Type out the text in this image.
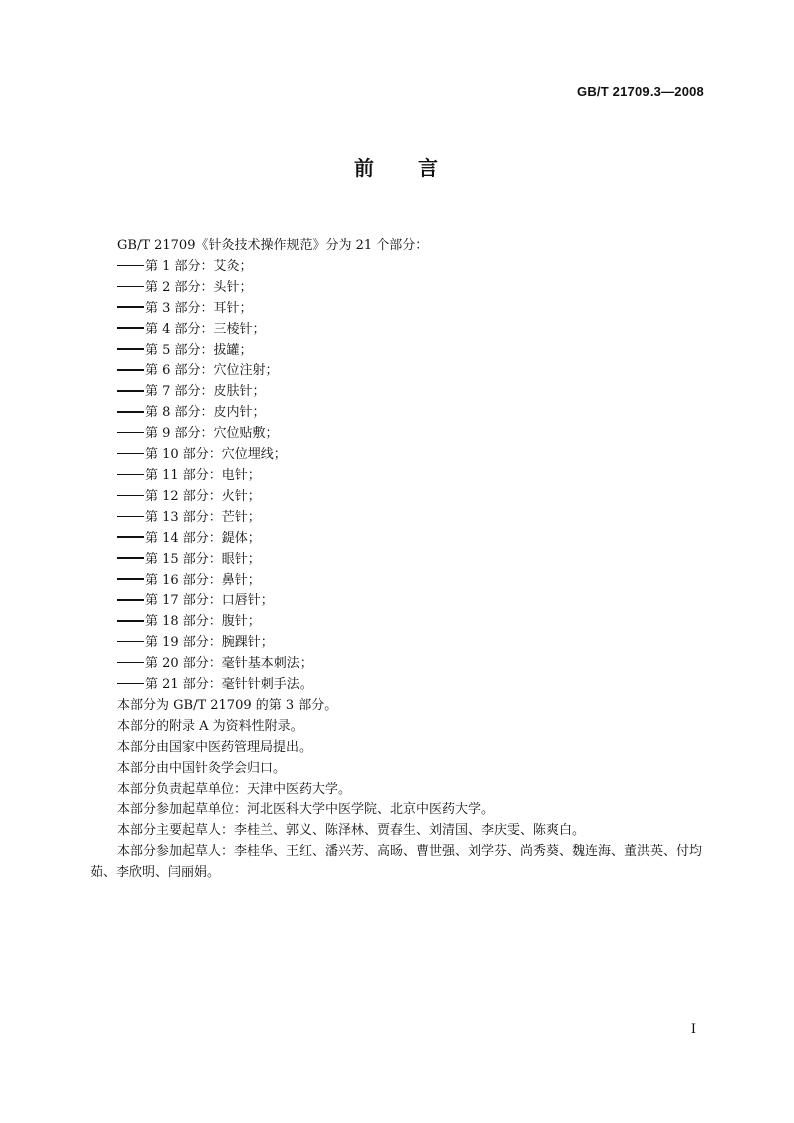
GB/T 21709.3—2008
前 言

GB/T 21709《针灸技术操作规范》分为 21 个部分：

第 1 部分：艾灸；

第 2 部分：头针；

第 3 部分：耳针；

第 4 部分：三棱针；

第 5 部分：拔罐；

第 6 部分：穴位注射；

第 7 部分：皮肤针；

第 8 部分：皮内针；

第 9 部分：穴位贴敷；

第 10 部分：穴位埋线；

第 11 部分：电针；

第 12 部分：火针；

第 13 部分：芒针；

第 14 部分：鍉体；

第 15 部分：眼针；

第 16 部分：鼻针；

第 17 部分：口唇针；

第 18 部分：腹针；

第 19 部分：腕踝针；

第 20 部分：毫针基本刺法；

第 21 部分：毫针针刺手法。

本部分为 GB/T 21709 的第 3 部分。

本部分的附录 A 为资料性附录。

本部分由国家中医药管理局提出。

本部分由中国针灸学会归口。

本部分负责起草单位：天津中医药大学。

本部分参加起草单位：河北医科大学中医学院、北京中医药大学。

本部分主要起草人：李桂兰、郭义、陈泽林、贾春生、刘清国、李庆雯、陈爽白。

本部分参加起草人：李桂华、王红、潘兴芳、高旸、曹世强、刘学芬、尚秀葵、魏连海、董洪英、付均茹、李欣明、闫丽娟。

I
